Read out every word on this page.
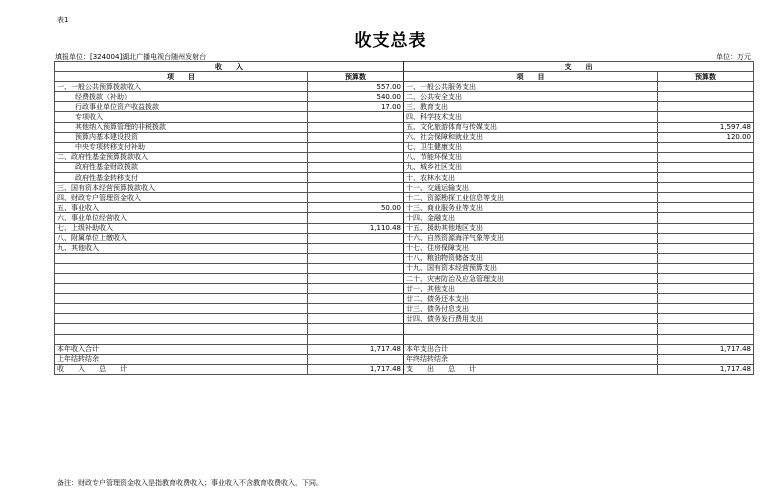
表1
收支总表
填报单位：[324004]湖北广播电视台随州发射台	单位：万元
收　　入		支　　出	
项　　目	预算数	项　　目	预算数
一、一般公共预算拨款收入	557.00	一、一般公共服务支出	
经费拨款（补助）	540.00	二、公共安全支出	
行政事业单位资产收益拨款	17.00	三、教育支出	
专项收入		四、科学技术支出	
其他纳入预算管理的非税拨款		五、文化旅游体育与传媒支出	1,597.48
预算内基本建设投资		六、社会保障和就业支出	120.00
中央专项转移支付补助		七、卫生健康支出	
二、政府性基金预算拨款收入		八、节能环保支出	
政府性基金财政拨款		九、城乡社区支出	
政府性基金转移支付		十、农林水支出	
三、国有资本经营预算拨款收入		十一、交通运输支出	
四、财政专户管理资金收入		十二、资源勘探工业信息等支出	
五、事业收入	50.00	十三、商业服务业等支出	
六、事业单位经营收入		十四、金融支出	
七、上级补助收入	1,110.48	十五、援助其他地区支出	
八、附属单位上缴收入		十六、自然资源海洋气象等支出	
九、其他收入		十七、住房保障支出	
		十八、粮油物资储备支出	
		十九、国有资本经营预算支出	
		二十、灾害防治及应急管理支出	
		廿一、其他支出	
		廿二、债务还本支出	
		廿三、债务付息支出	
		廿四、债务发行费用支出	

本年收入合计	1,717.48	本年支出合计	1,717.48
上年结转结余		年终结转结余	
收　　入　　总　　计	1,717.48	支　　出　　总　　计	1,717.48
备注：财政专户管理资金收入是指教育收费收入；事业收入不含教育收费收入，下同。
